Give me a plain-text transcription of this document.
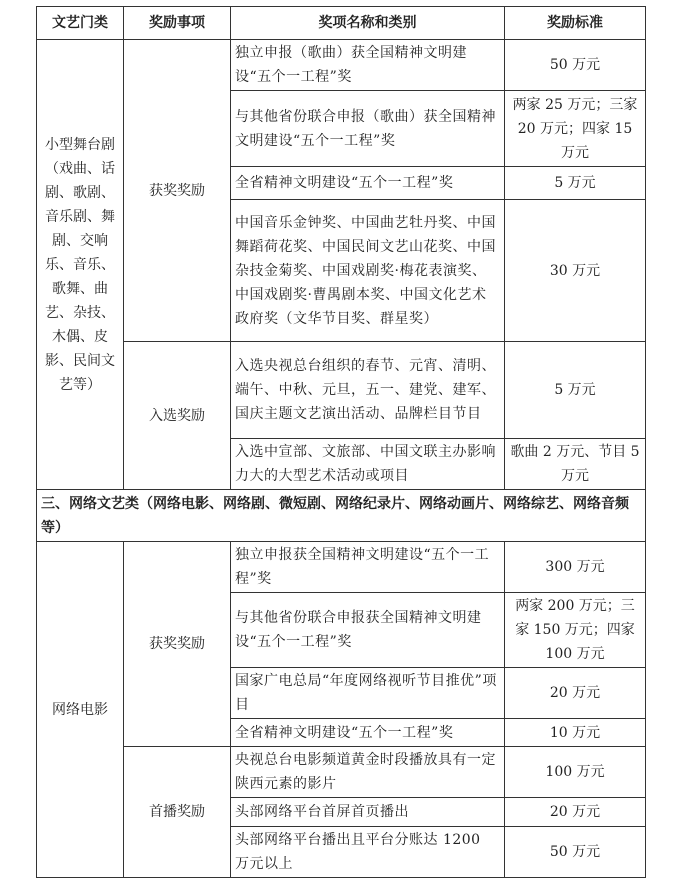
文艺门类	奖励事项	奖项名称和类别	奖励标准
小型舞台剧（戏曲、话剧、歌剧、音乐剧、舞剧、交响乐、音乐、歌舞、曲艺、杂技、木偶、皮影、民间文艺等）	获奖奖励	独立申报（歌曲）获全国精神文明建设“五个一工程”奖	50 万元
		与其他省份联合申报（歌曲）获全国精神文明建设“五个一工程”奖	两家 25 万元；三家 20 万元；四家 15 万元
		全省精神文明建设“五个一工程”奖	5 万元
		中国音乐金钟奖、中国曲艺牡丹奖、中国舞蹈荷花奖、中国民间文艺山花奖、中国杂技金菊奖、中国戏剧奖·梅花表演奖、中国戏剧奖·曹禺剧本奖、中国文化艺术政府奖（文华节目奖、群星奖）	30 万元
	入选奖励	入选央视总台组织的春节、元宵、清明、端午、中秋、元旦，五一、建党、建军、国庆主题文艺演出活动、品牌栏目节目	5 万元
		入选中宣部、文旅部、中国文联主办影响力大的大型艺术活动或项目	歌曲 2 万元、节目 5 万元
三、网络文艺类（网络电影、网络剧、微短剧、网络纪录片、网络动画片、网络综艺、网络音频等）			
网络电影	获奖奖励	独立申报获全国精神文明建设“五个一工程”奖	300 万元
		与其他省份联合申报获全国精神文明建设“五个一工程”奖	两家 200 万元；三家 150 万元；四家 100 万元
		国家广电总局“年度网络视听节目推优”项目	20 万元
		全省精神文明建设“五个一工程”奖	10 万元
	首播奖励	央视总台电影频道黄金时段播放具有一定陕西元素的影片	100 万元
		头部网络平台首屏首页播出	20 万元
		头部网络平台播出且平台分账达 1200 万元以上	50 万元
